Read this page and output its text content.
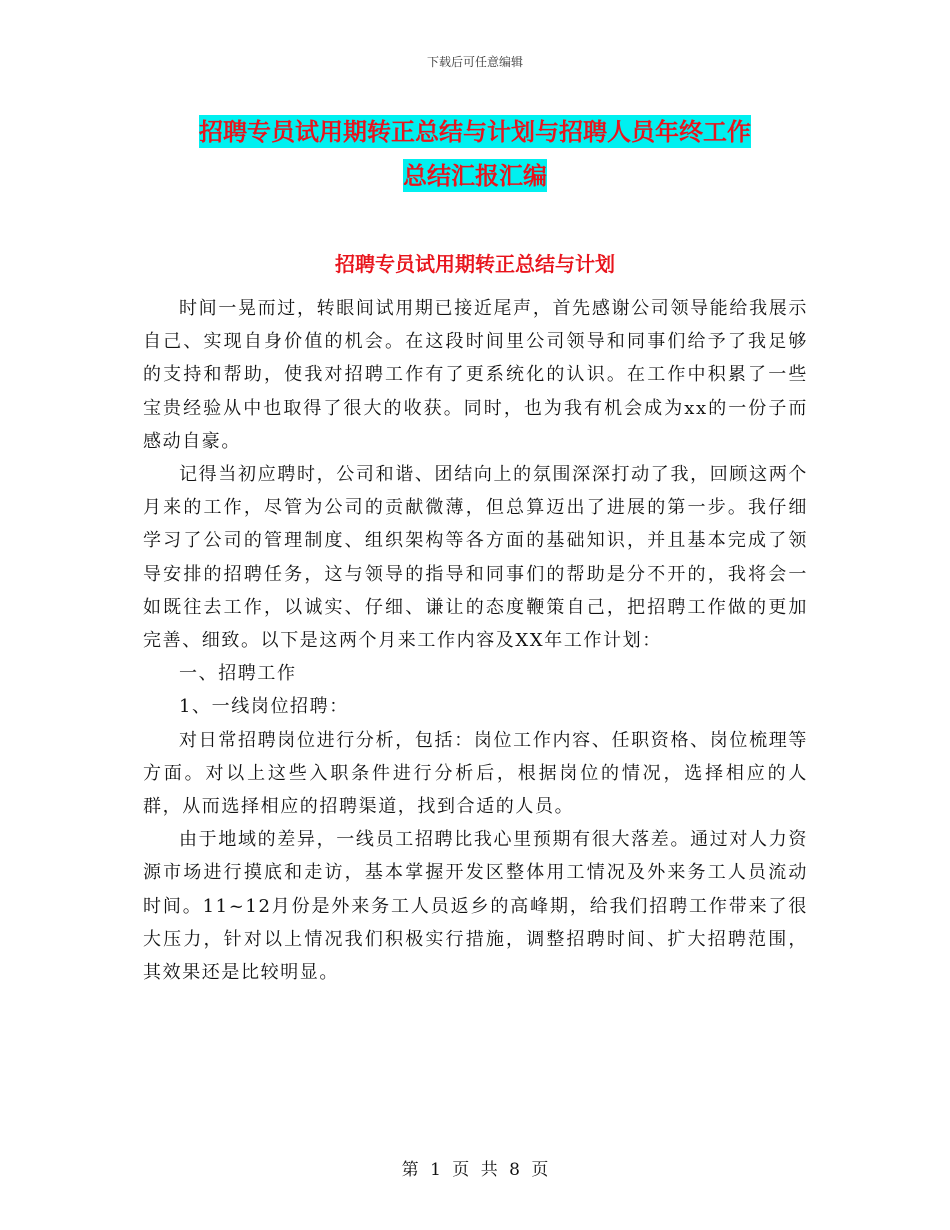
下载后可任意编辑
招聘专员试用期转正总结与计划与招聘人员年终工作
总结汇报汇编
招聘专员试用期转正总结与计划

时间一晃而过，转眼间试用期已接近尾声，首先感谢公司领导能给我展示自己、实现自身价值的机会。在这段时间里公司领导和同事们给予了我足够的支持和帮助，使我对招聘工作有了更系统化的认识。在工作中积累了一些宝贵经验从中也取得了很大的收获。同时，也为我有机会成为xx的一份子而感动自豪。

记得当初应聘时，公司和谐、团结向上的氛围深深打动了我，回顾这两个月来的工作，尽管为公司的贡献微薄，但总算迈出了进展的第一步。我仔细学习了公司的管理制度、组织架构等各方面的基础知识，并且基本完成了领导安排的招聘任务，这与领导的指导和同事们的帮助是分不开的，我将会一如既往去工作，以诚实、仔细、谦让的态度鞭策自己，把招聘工作做的更加完善、细致。以下是这两个月来工作内容及XX年工作计划：

一、招聘工作

1、一线岗位招聘：

对日常招聘岗位进行分析，包括：岗位工作内容、任职资格、岗位梳理等方面。对以上这些入职条件进行分析后，根据岗位的情况，选择相应的人群，从而选择相应的招聘渠道，找到合适的人员。

由于地域的差异，一线员工招聘比我心里预期有很大落差。通过对人力资源市场进行摸底和走访，基本掌握开发区整体用工情况及外来务工人员流动时间。11~12月份是外来务工人员返乡的高峰期，给我们招聘工作带来了很大压力，针对以上情况我们积极实行措施，调整招聘时间、扩大招聘范围，其效果还是比较明显。

第 1 页 共 8 页
